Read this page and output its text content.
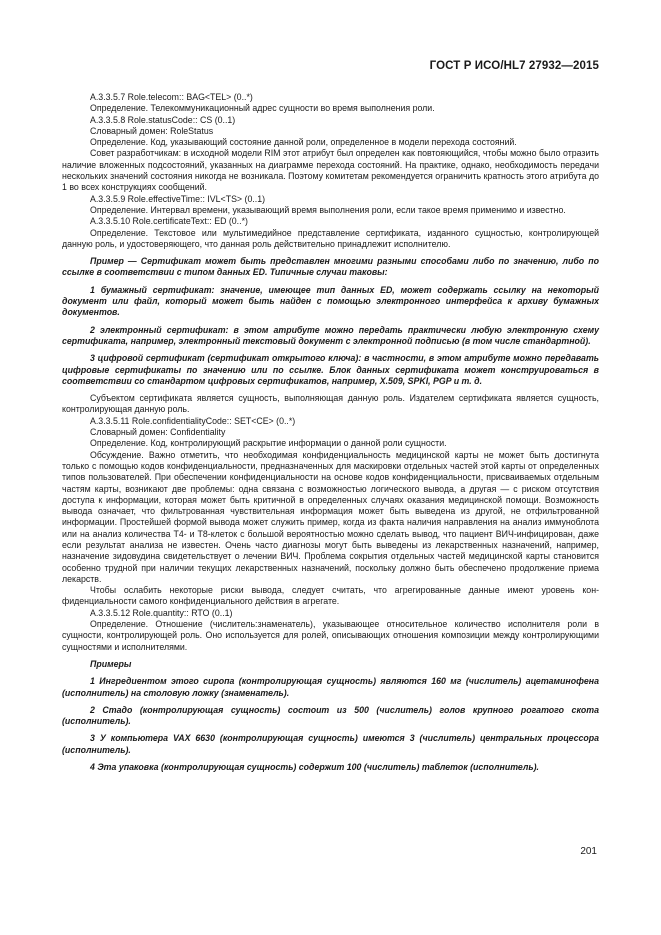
ГОСТ Р ИСО/HL7 27932—2015

A.3.3.5.7 Role.telecom:: BAG<TEL> (0..*)

Определение. Телекоммуникационный адрес сущности во время выполнения роли.

A.3.3.5.8 Role.statusCode:: CS (0..1)

Словарный домен: RoleStatus

Определение. Код, указывающий состояние данной роли, определенное в модели перехода состояний.

Совет разработчикам: в исходной модели RIM этот атрибут был определен как повтояющийся, чтобы можно было отразить наличие вложенных подсостояний, указанных на диаграмме перехода состояний. На практике, однако, необходимость передачи нескольких значений состояния никогда не возникала. Поэтому комитетам рекомендуется ограничить кратность этого атрибута до 1 во всех конструкциях сообщений.

A.3.3.5.9 Role.effectiveTime:: IVL<TS> (0..1)

Определение. Интервал времени, указывающий время выполнения роли, если такое время применимо и известно.

A.3.3.5.10 Role.certificateText:: ED (0..*)

Определение. Текстовое или мультимедийное представление сертификата, изданного сущностью, контролирующей данную роль, и удостоверяющего, что данная роль действительно принадлежит исполнителю.

Пример — Сертификат может быть представлен многими разными способами либо по значению, либо по ссылке в соответствии с типом данных ED. Типичные случаи таковы:

1 бумажный сертификат: значение, имеющее тип данных ED, может содержать ссылку на некоторый документ или файл, который может быть найден с помощью электронного интерфейса к архиву бумажных документов.

2 электронный сертификат: в этом атрибуте можно передать практически любую электронную схему сертификата, например, электронный текстовый документ с электронной подписью (в том числе стандартной).

3 цифровой сертификат (сертификат открытого ключа): в частности, в этом атрибуте можно передавать цифровые сертификаты по значению или по ссылке. Блок данных сертификата может конструироваться в соответствии со стандартом цифровых сертификатов, например, X.509, SPKI, PGP и т. д.

Субъектом сертификата является сущность, выполняющая данную роль. Издателем сертификата является сущность, контролирующая данную роль.

A.3.3.5.11 Role.confidentialityCode:: SET<CE> (0..*)

Словарный домен: Confidentiality

Определение. Код, контролирующий раскрытие информации о данной роли сущности.

Обсуждение. Важно отметить, что необходимая конфиденциальность медицинской карты не может быть достигнута только с помощью кодов конфиденциальности, предназначенных для маскировки отдельных частей этой карты от определенных типов пользователей. При обеспечении конфиденциальности на основе кодов конфиденциальности, присваиваемых отдельным частям карты, возникают две проблемы: одна связана с возможностью логического вывода, а другая — с риском отсутствия доступа к информации, которая может быть критичной в определенных случаях оказания медицинской помощи. Возможность вывода означает, что фильтрованная чувствительная информация может быть выведена из другой, не отфильтрованной информации. Простейшей формой вывода может служить пример, когда из факта наличия направления на анализ иммуноблота или на анализ количества Т4- и Т8-клеток с большой вероятностью можно сделать вывод, что пациент ВИЧ-инфицирован, даже если результат анализа не известен. Очень часто диагнозы могут быть выведены из лекарственных назначений, например, назначение зидовудина свидетельствует о лечении ВИЧ. Проблема сокрытия отдельных частей медицинской карты становится особенно трудной при наличии текущих лекарственных назначений, поскольку должно быть обеспечено продолжение приема лекарств.

Чтобы ослабить некоторые риски вывода, следует считать, что агрегированные данные имеют уровень конфиденциальности самого конфиденциального действия в агрегате.

A.3.3.5.12 Role.quantity:: RTO (0..1)

Определение. Отношение (числитель:знаменатель), указывающее относительное количество исполнителя роли в сущности, контролирующей роль. Оно используется для ролей, описывающих отношения композиции между контролирующими сущностями и исполнителями.

Примеры

1 Ингредиентом этого сиропа (контролирующая сущность) являются 160 мг (числитель) ацетаминофена (исполнитель) на столовую ложку (знаменатель).

2 Стадо (контролирующая сущность) состоит из 500 (числитель) голов крупного рогатого скота (исполнитель).

3 У компьютера VAX 6630 (контролирующая сущность) имеются 3 (числитель) центральных процессора (исполнитель).

4 Эта упаковка (контролирующая сущность) содержит 100 (числитель) таблеток (исполнитель).

201
